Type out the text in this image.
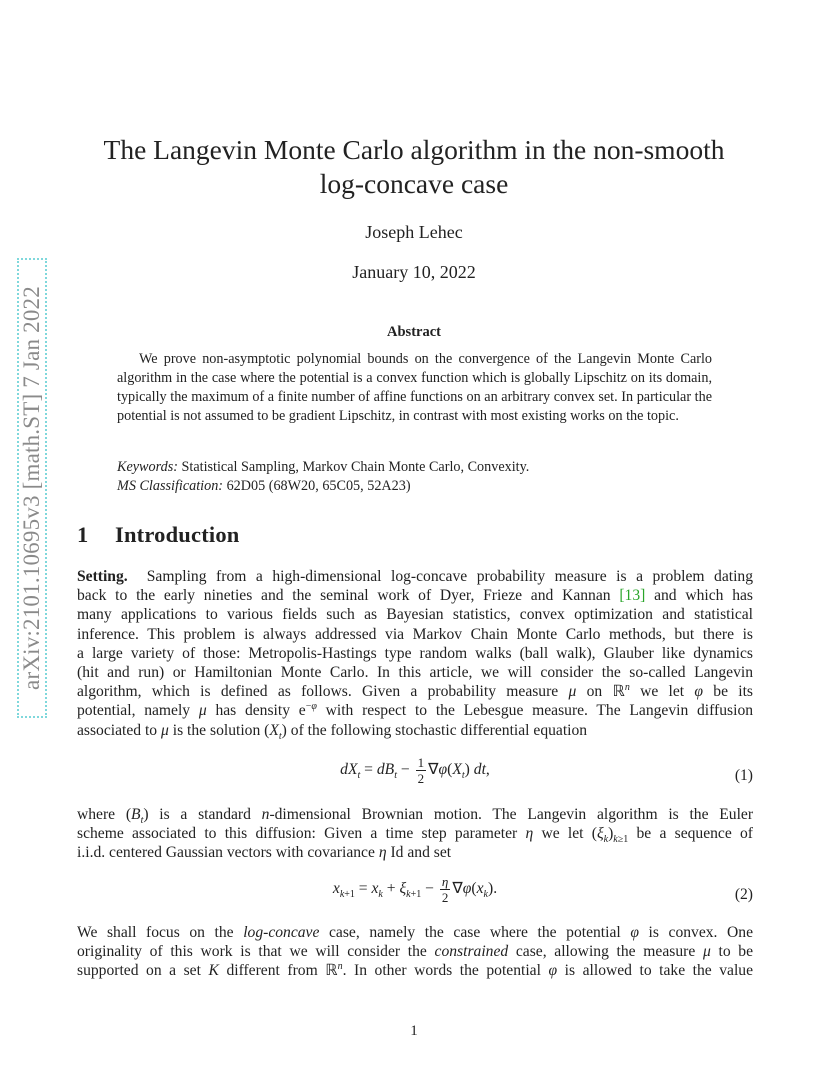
arXiv:2101.10695v3 [math.ST] 7 Jan 2022
The Langevin Monte Carlo algorithm in the non-smooth
log-concave case
Joseph Lehec
January 10, 2022
Abstract
We prove non-asymptotic polynomial bounds on the convergence of the Langevin Monte Carlo algorithm in the case where the potential is a convex function which is globally Lipschitz on its domain, typically the maximum of a finite number of affine functions on an arbitrary convex set. In particular the potential is not assumed to be gradient Lipschitz, in contrast with most existing works on the topic.
Keywords: Statistical Sampling, Markov Chain Monte Carlo, Convexity.
MS Classification: 62D05 (68W20, 65C05, 52A23)
1 Introduction
Setting. Sampling from a high-dimensional log-concave probability measure is a problem dating
back to the early nineties and the seminal work of Dyer, Frieze and Kannan [13] and which has
many applications to various fields such as Bayesian statistics, convex optimization and statistical
inference. This problem is always addressed via Markov Chain Monte Carlo methods, but there is
a large variety of those: Metropolis-Hastings type random walks (ball walk), Glauber like dynamics
(hit and run) or Hamiltonian Monte Carlo. In this article, we will consider the so-called Langevin
algorithm, which is defined as follows. Given a probability measure μ on ℝ$^n$ we let φ be its
potential, namely μ has density $e^{-\varphi}$ with respect to the Lebesgue measure. The Langevin diffusion
associated to μ is the solution $(X_t)$ of the following stochastic differential equation
$dX_t = dB_t - \frac{1}{2} \nabla\varphi(X_t)$ dt,	(1)
where $(B_t)$ is a standard n-dimensional Brownian motion. The Langevin algorithm is the Euler
scheme associated to this diffusion: Given a time step parameter η we let $(\xi_k)_{k\ge 1}$ be a sequence of
i.i.d. centered Gaussian vectors with covariance η Id and set
$x_{k+1} = x_k + \xi_{k+1} - \frac{\eta}{2} \nabla\varphi(x_k)$.	(2)
We shall focus on the log-concave case, namely the case where the potential φ is convex. One
originality of this work is that we will consider the constrained case, allowing the measure μ to be
supported on a set K different from ℝ$^n$. In other words the potential φ is allowed to take the value
1
